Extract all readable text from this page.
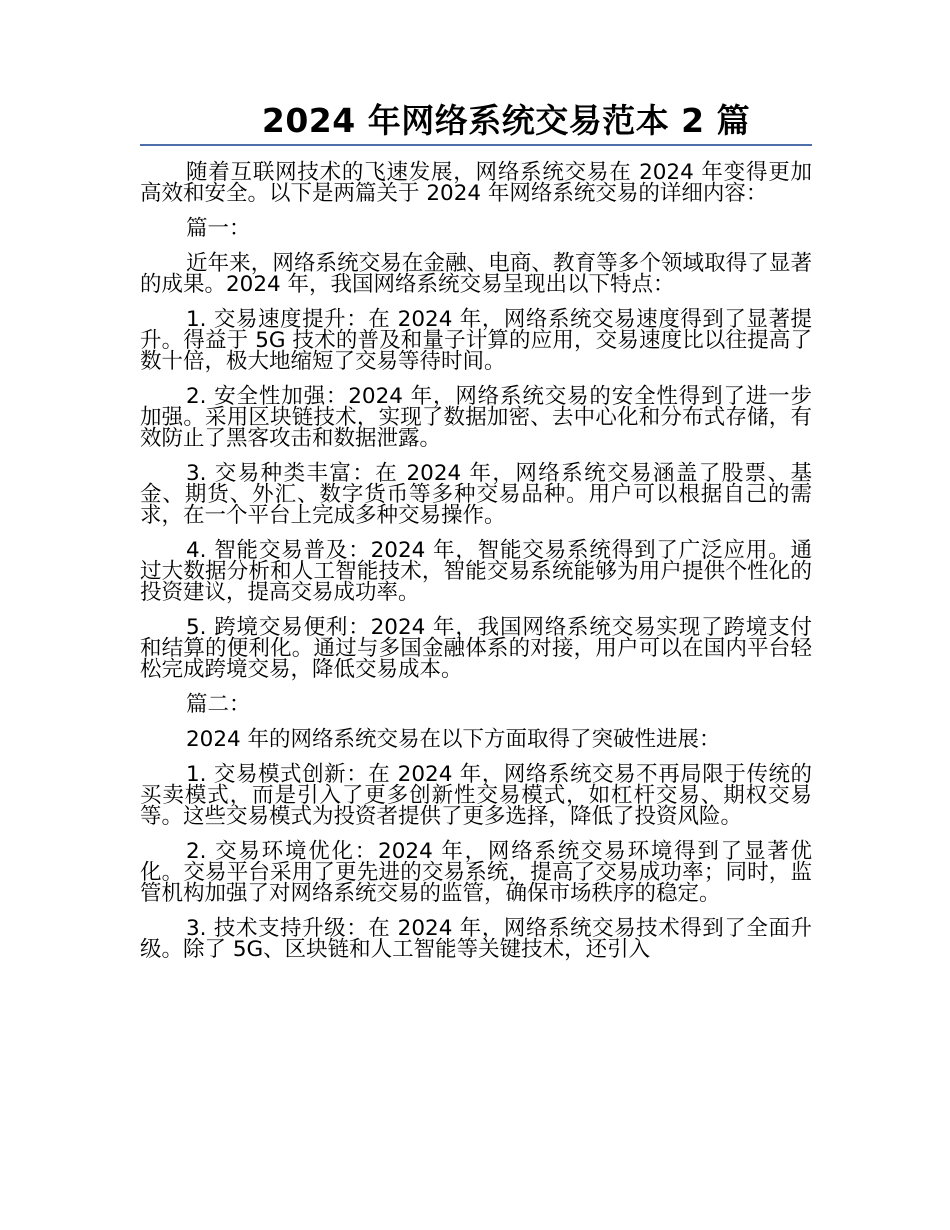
2024 年网络系统交易范本 2 篇

随着互联网技术的飞速发展，网络系统交易在 2024 年变得更加高效和安全。以下是两篇关于 2024 年网络系统交易的详细内容：

篇一：

近年来，网络系统交易在金融、电商、教育等多个领域取得了显著的成果。2024 年，我国网络系统交易呈现出以下特点：

1. 交易速度提升：在 2024 年，网络系统交易速度得到了显著提升。得益于 5G 技术的普及和量子计算的应用，交易速度比以往提高了数十倍，极大地缩短了交易等待时间。

2. 安全性加强：2024 年，网络系统交易的安全性得到了进一步加强。采用区块链技术，实现了数据加密、去中心化和分布式存储，有效防止了黑客攻击和数据泄露。

3. 交易种类丰富：在 2024 年，网络系统交易涵盖了股票、基金、期货、外汇、数字货币等多种交易品种。用户可以根据自己的需求，在一个平台上完成多种交易操作。

4. 智能交易普及：2024 年，智能交易系统得到了广泛应用。通过大数据分析和人工智能技术，智能交易系统能够为用户提供个性化的投资建议，提高交易成功率。

5. 跨境交易便利：2024 年，我国网络系统交易实现了跨境支付和结算的便利化。通过与多国金融体系的对接，用户可以在国内平台轻松完成跨境交易，降低交易成本。

篇二：

2024 年的网络系统交易在以下方面取得了突破性进展：

1. 交易模式创新：在 2024 年，网络系统交易不再局限于传统的买卖模式，而是引入了更多创新性交易模式，如杠杆交易、期权交易等。这些交易模式为投资者提供了更多选择，降低了投资风险。

2. 交易环境优化：2024 年，网络系统交易环境得到了显著优化。交易平台采用了更先进的交易系统，提高了交易成功率；同时，监管机构加强了对网络系统交易的监管，确保市场秩序的稳定。

3. 技术支持升级：在 2024 年，网络系统交易技术得到了全面升级。除了 5G、区块链和人工智能等关键技术，还引入
